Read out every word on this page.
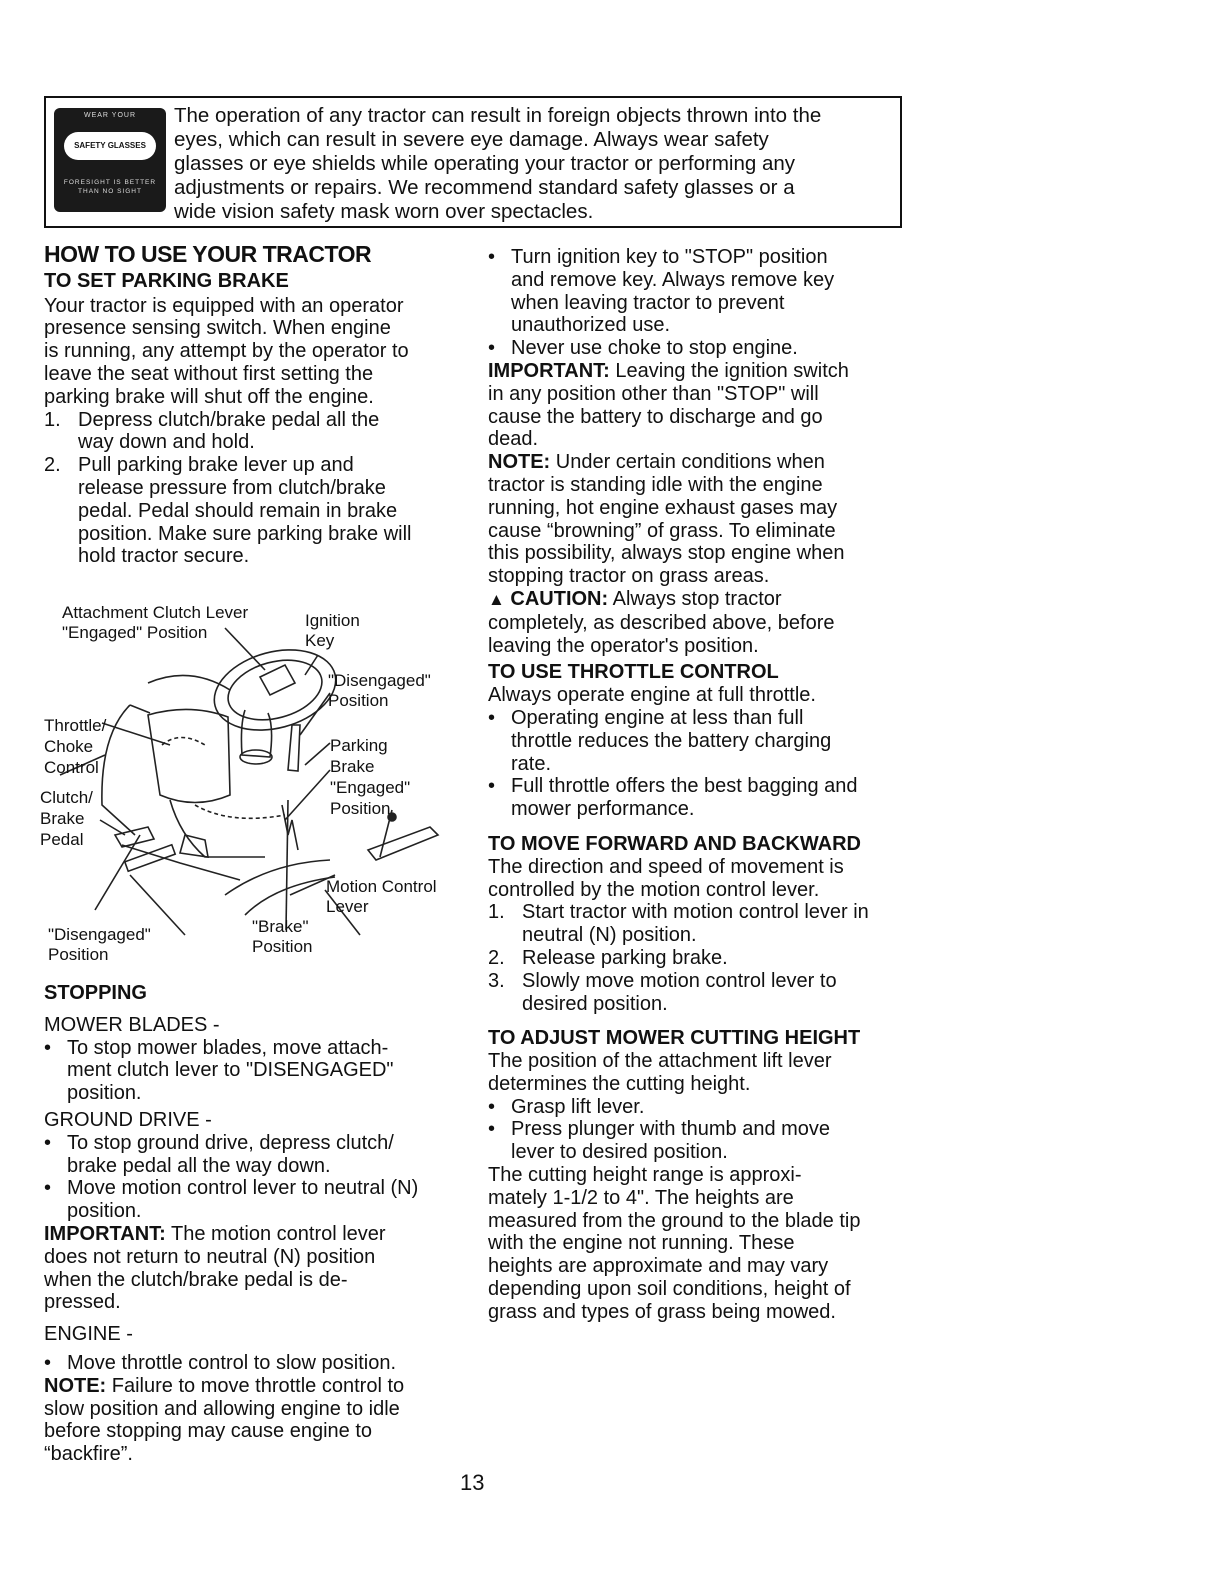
WEAR YOUR
SAFETY GLASSES
FORESIGHT IS BETTER THAN NO SIGHT
The operation of any tractor can result in foreign objects thrown into the
eyes, which can result in severe eye damage. Always wear safety
glasses or eye shields while operating your tractor or performing any
adjustments or repairs. We recommend standard safety glasses or a
wide vision safety mask worn over spectacles.
HOW TO USE YOUR TRACTOR
TO SET PARKING BRAKE
Your tractor is equipped with an operator
presence sensing switch. When engine
is running, any attempt by the operator to
leave the seat without first setting the
parking brake will shut off the engine.
1. Depress clutch/brake pedal all the
way down and hold.
2. Pull parking brake lever up and
release pressure from clutch/brake
pedal. Pedal should remain in brake
position. Make sure parking brake will
hold tractor secure.
Attachment Clutch Lever
"Engaged" Position
Ignition
Key
"Disengaged"
Position
Throttle/
Choke
Control
Parking
Brake
"Engaged"
Position
Clutch/
Brake
Pedal
Motion Control
Lever
"Disengaged"
Position
"Brake"
Position
STOPPING
MOWER BLADES -
• To stop mower blades, move attach-
ment clutch lever to "DISENGAGED"
position.
GROUND DRIVE -
• To stop ground drive, depress clutch/
brake pedal all the way down.
• Move motion control lever to neutral (N)
position.
IMPORTANT: The motion control lever
does not return to neutral (N) position
when the clutch/brake pedal is de-
pressed.
ENGINE -
• Move throttle control to slow position.
NOTE: Failure to move throttle control to
slow position and allowing engine to idle
before stopping may cause engine to
“backfire”.
• Turn ignition key to "STOP" position
and remove key. Always remove key
when leaving tractor to prevent
unauthorized use.
• Never use choke to stop engine.
IMPORTANT: Leaving the ignition switch
in any position other than "STOP" will
cause the battery to discharge and go
dead.
NOTE: Under certain conditions when
tractor is standing idle with the engine
running, hot engine exhaust gases may
cause “browning” of grass. To eliminate
this possibility, always stop engine when
stopping tractor on grass areas.
▲ CAUTION: Always stop tractor
completely, as described above, before
leaving the operator's position.
TO USE THROTTLE CONTROL
Always operate engine at full throttle.
• Operating engine at less than full
throttle reduces the battery charging
rate.
• Full throttle offers the best bagging and
mower performance.
TO MOVE FORWARD AND BACKWARD
The direction and speed of movement is
controlled by the motion control lever.
1. Start tractor with motion control lever in
neutral (N) position.
2. Release parking brake.
3. Slowly move motion control lever to
desired position.
TO ADJUST MOWER CUTTING HEIGHT
The position of the attachment lift lever
determines the cutting height.
• Grasp lift lever.
• Press plunger with thumb and move
lever to desired position.
The cutting height range is approxi-
mately 1-1/2 to 4". The heights are
measured from the ground to the blade tip
with the engine not running. These
heights are approximate and may vary
depending upon soil conditions, height of
grass and types of grass being mowed.
13
